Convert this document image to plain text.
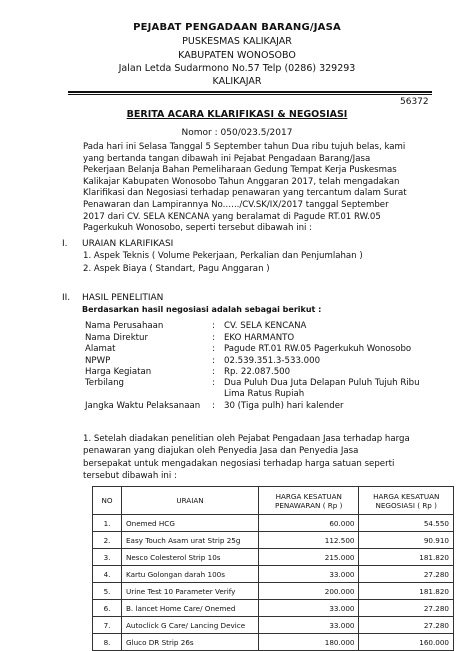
PEJABAT PENGADAAN BARANG/JASA
PUSKESMAS KALIKAJAR
KABUPATEN WONOSOBO
Jalan Letda Sudarmono No.57 Telp (0286) 329293
KALIKAJAR
56372
BERITA ACARA KLARIFIKASI & NEGOSIASI
Nomor : 050/023.5/2017
Pada hari ini Selasa Tanggal 5 September tahun Dua ribu tujuh belas, kami
yang bertanda tangan dibawah ini Pejabat Pengadaan Barang/Jasa
Pekerjaan Belanja Bahan Pemeliharaan Gedung Tempat Kerja Puskesmas
Kalikajar Kabupaten Wonosobo Tahun Anggaran 2017, telah mengadakan
Klarifikasi dan Negosiasi terhadap penawaran yang tercantum dalam Surat
Penawaran dan Lampirannya No.…../CV.SK/IX/2017 tanggal September
2017 dari CV. SELA KENCANA yang beralamat di Pagude RT.01 RW.05
Pagerkukuh Wonosobo, seperti tersebut dibawah ini :
I. URAIAN KLARIFIKASI
1. Aspek Teknis ( Volume Pekerjaan, Perkalian dan Penjumlahan )
2. Aspek Biaya ( Standart, Pagu Anggaran )
II. HASIL PENELITIAN
Berdasarkan hasil negosiasi adalah sebagai berikut :
Nama Perusahaan	: CV. SELA KENCANA
Nama Direktur	: EKO HARMANTO
Alamat	: Pagude RT.01 RW.05 Pagerkukuh Wonosobo
NPWP	: 02.539.351.3-533.000
Harga Kegiatan	: Rp. 22.087.500
Terbilang	: Dua Puluh Dua Juta Delapan Puluh Tujuh Ribu
Lima Ratus Rupiah
Jangka Waktu Pelaksanaan : 30 (Tiga pulh) hari kalender
1. Setelah diadakan penelitian oleh Pejabat Pengadaan Jasa terhadap harga
penawaran yang diajukan oleh Penyedia Jasa dan Penyedia Jasa
bersepakat untuk mengadakan negosiasi terhadap harga satuan seperti
tersebut dibawah ini :
NO	URAIAN	HARGA KESATUAN PENAWARAN ( Rp )	HARGA KESATUAN NEGOSIASI ( Rp )
1.	Onemed HCG	60.000	54.550
2.	Easy Touch Asam urat Strip 25g	112.500	90.910
3.	Nesco Colesterol Strip 10s	215.000	181.820
4.	Kartu Golongan darah 100s	33.000	27.280
5.	Urine Test 10 Parameter Verify	200.000	181.820
6.	B. lancet Home Care/ Onemed	33.000	27.280
7.	Autoclick G Care/ Lancing Device	33.000	27.280
8.	Gluco DR Strip 26s	180.000	160.000
